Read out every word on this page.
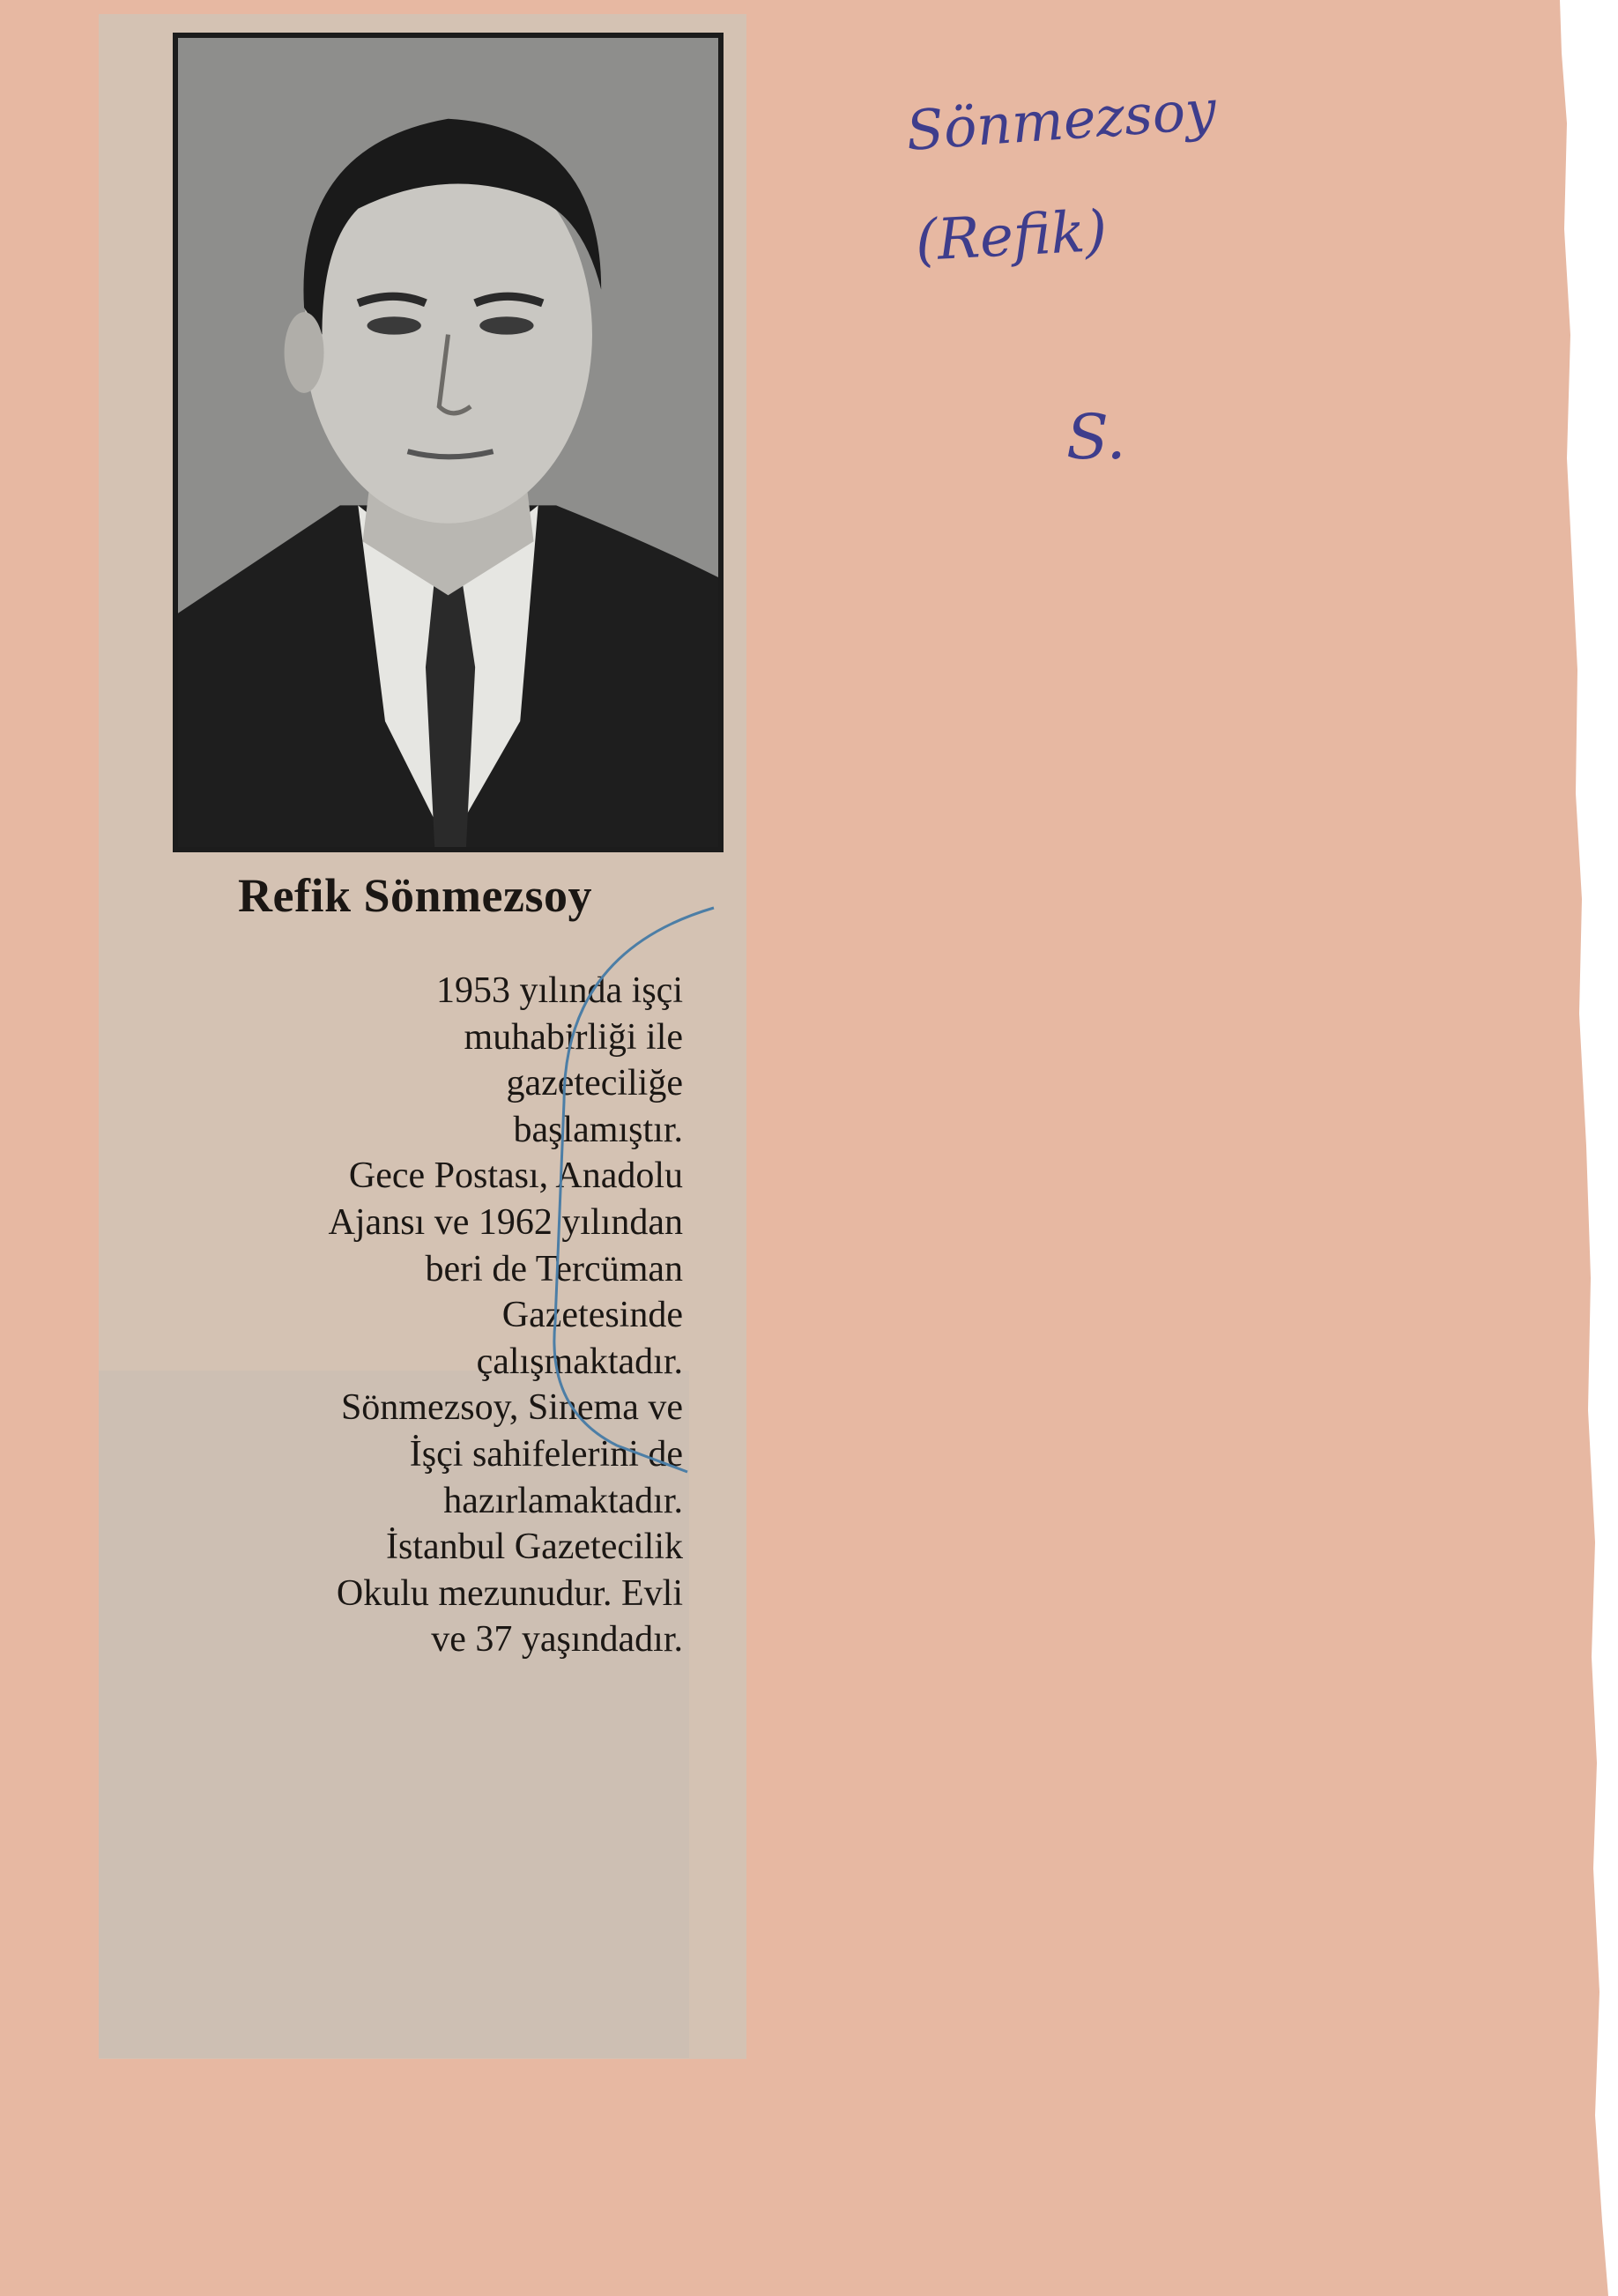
Refik Sönmezsoy
1953 yılında işçi
muhabirliği ile
gazeteciliğe
başlamıştır.
Gece Postası, Anadolu
Ajansı ve 1962 yılından
beri de Tercüman
Gazetesinde
çalışmaktadır.
Sönmezsoy, Sinema ve
İşçi sahifelerini de
hazırlamaktadır.
İstanbul Gazetecilik
Okulu mezunudur. Evli
ve 37 yaşındadır.
Sönmezsoy
(Refik)
S.
